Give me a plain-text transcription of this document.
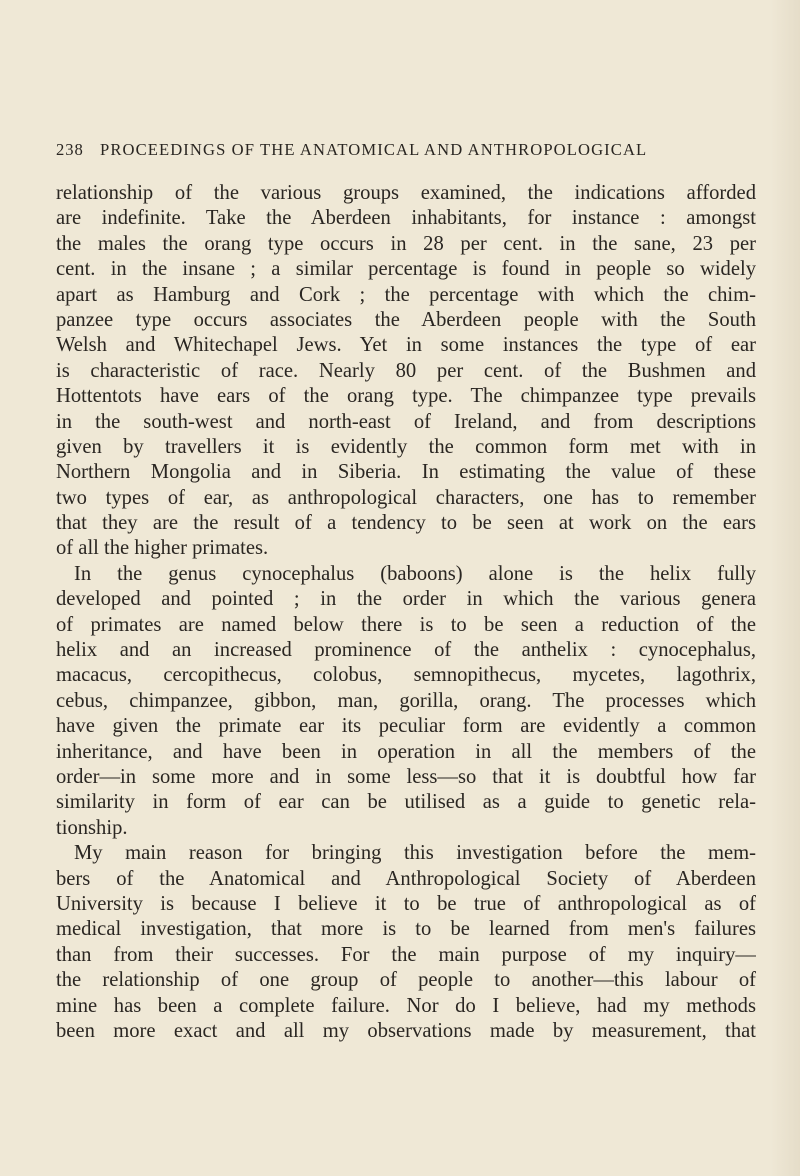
238 PROCEEDINGS OF THE ANATOMICAL AND ANTHROPOLOGICAL
relationship of the various groups examined, the indications afforded
are indefinite. Take the Aberdeen inhabitants, for instance : amongst
the males the orang type occurs in 28 per cent. in the sane, 23 per
cent. in the insane ; a similar percentage is found in people so widely
apart as Hamburg and Cork ; the percentage with which the chim-
panzee type occurs associates the Aberdeen people with the South
Welsh and Whitechapel Jews. Yet in some instances the type of ear
is characteristic of race. Nearly 80 per cent. of the Bushmen and
Hottentots have ears of the orang type. The chimpanzee type prevails
in the south-west and north-east of Ireland, and from descriptions
given by travellers it is evidently the common form met with in
Northern Mongolia and in Siberia. In estimating the value of these
two types of ear, as anthropological characters, one has to remember
that they are the result of a tendency to be seen at work on the ears
of all the higher primates.
In the genus cynocephalus (baboons) alone is the helix fully
developed and pointed ; in the order in which the various genera
of primates are named below there is to be seen a reduction of the
helix and an increased prominence of the anthelix : cynocephalus,
macacus, cercopithecus, colobus, semnopithecus, mycetes, lagothrix,
cebus, chimpanzee, gibbon, man, gorilla, orang. The processes which
have given the primate ear its peculiar form are evidently a common
inheritance, and have been in operation in all the members of the
order—in some more and in some less—so that it is doubtful how far
similarity in form of ear can be utilised as a guide to genetic rela-
tionship.
My main reason for bringing this investigation before the mem-
bers of the Anatomical and Anthropological Society of Aberdeen
University is because I believe it to be true of anthropological as of
medical investigation, that more is to be learned from men's failures
than from their successes. For the main purpose of my inquiry—
the relationship of one group of people to another—this labour of
mine has been a complete failure. Nor do I believe, had my methods
been more exact and all my observations made by measurement, that
